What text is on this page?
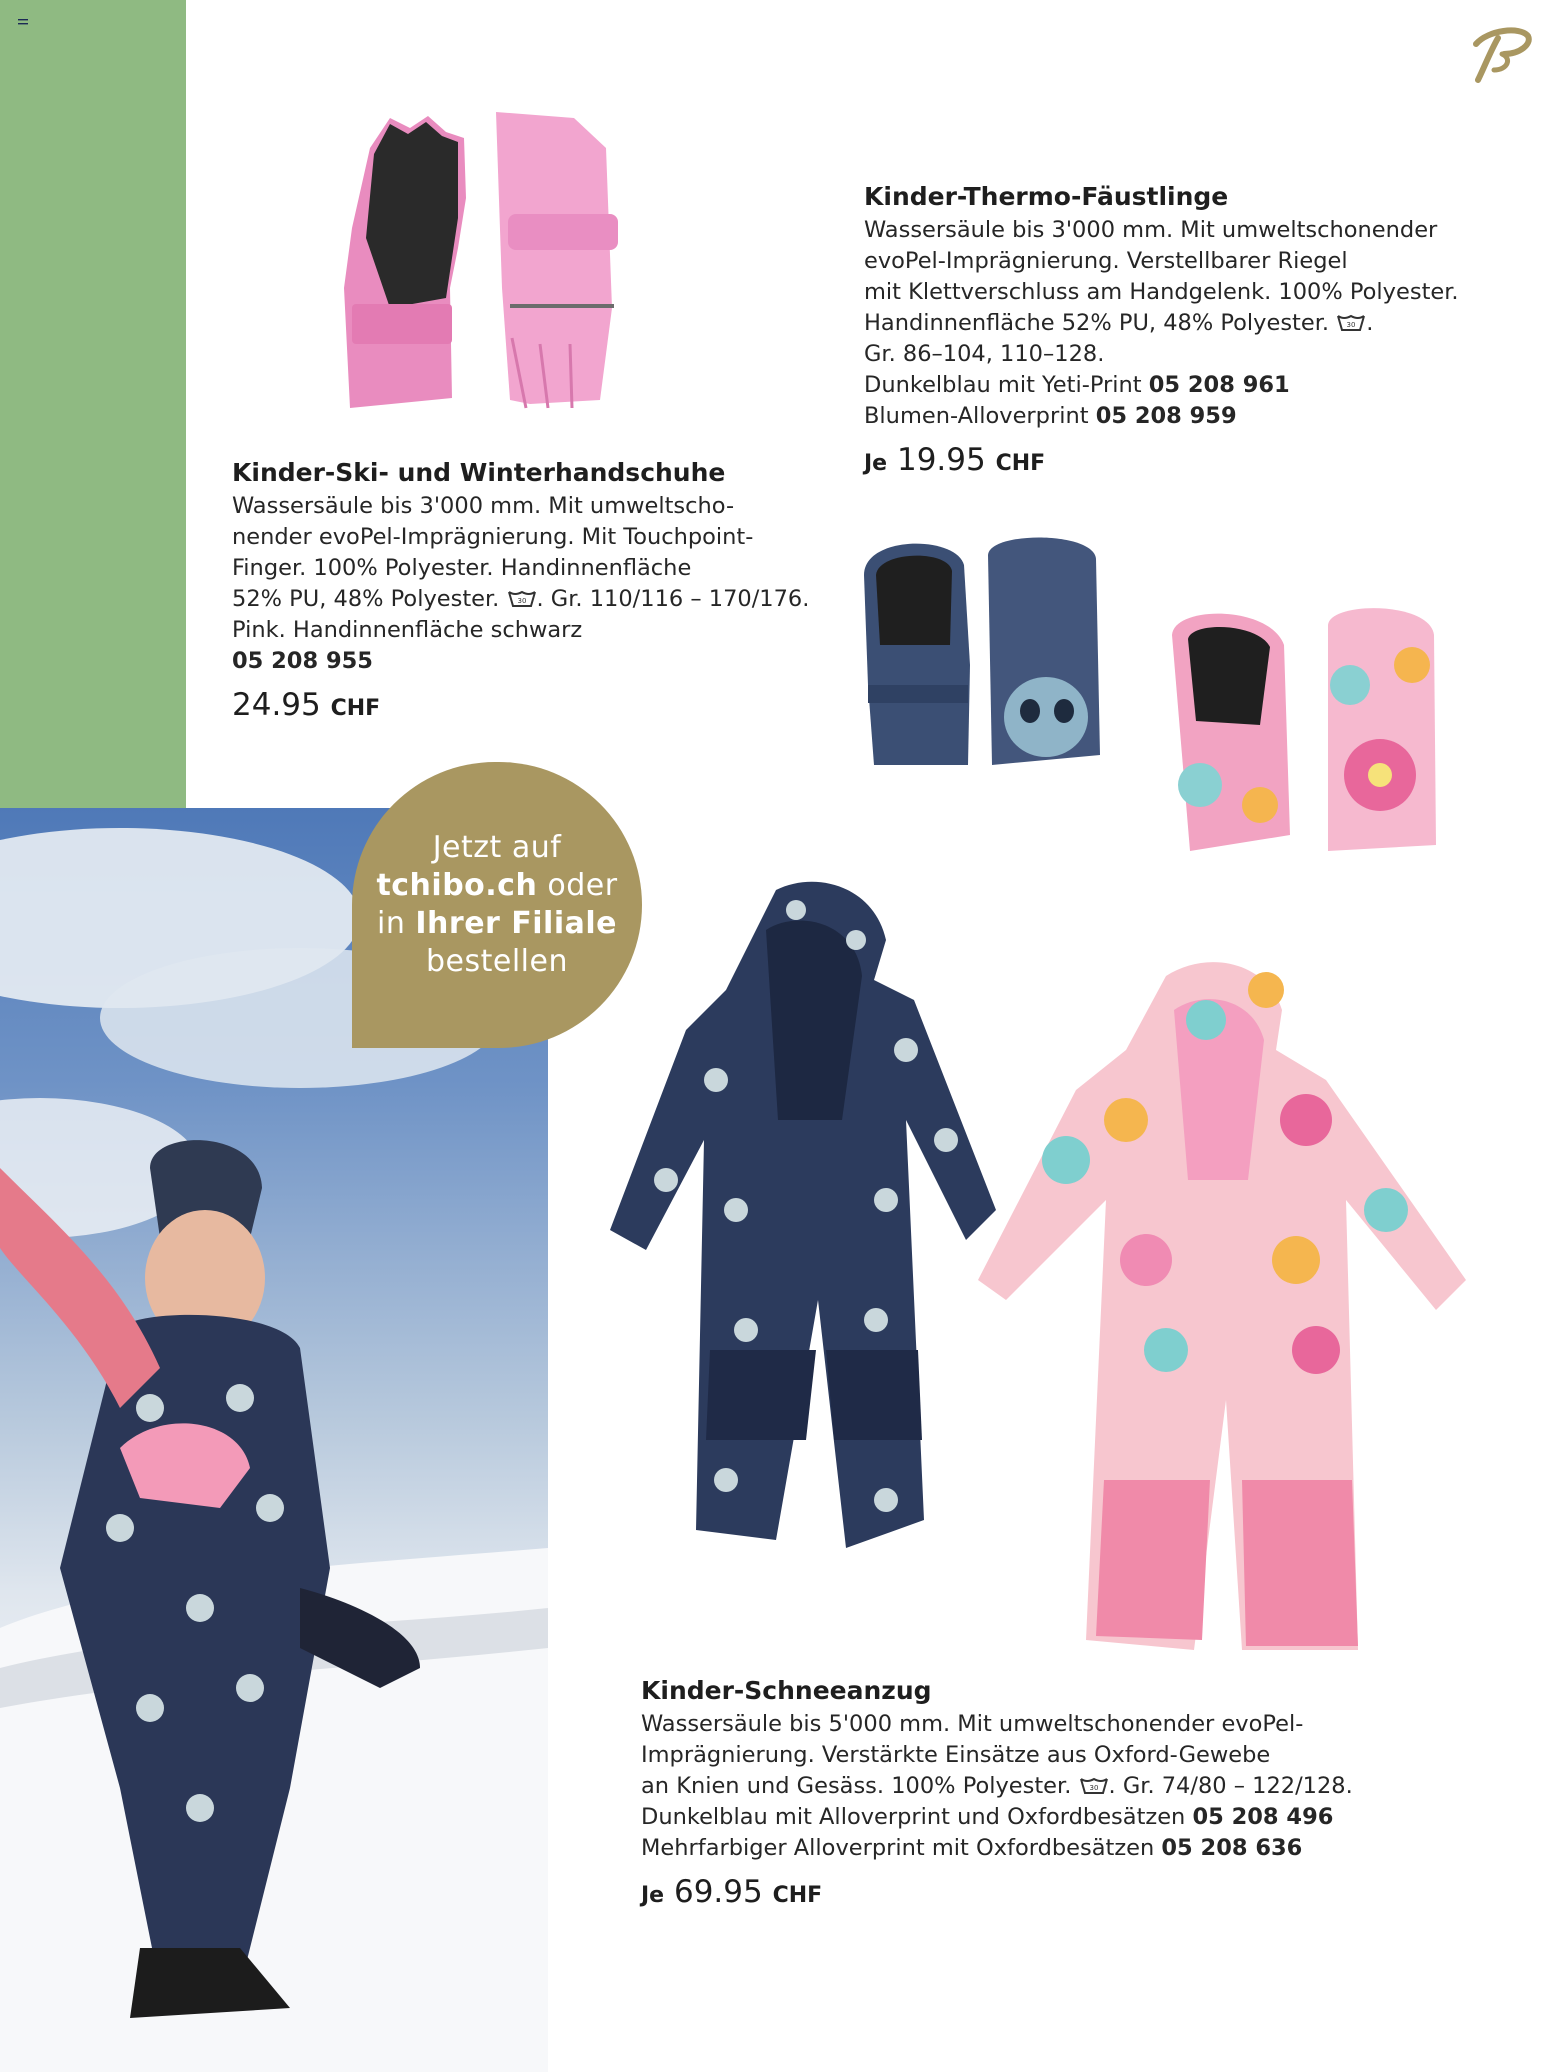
Jetzt auf
tchibo.ch oder
in Ihrer Filiale
bestellen
Kinder-Ski- und Winterhandschuhe
Wassersäule bis 3'000 mm. Mit umweltscho-
nender evoPel-Imprägnierung. Mit Touchpoint-
Finger. 100% Polyester. Handinnenfläche
52% PU, 48% Polyester.	30 . Gr. 110/116 – 170/176.
Pink. Handinnenfläche schwarz
05 208 955
24.95 CHF
Kinder-Thermo-Fäustlinge
Wassersäule bis 3'000 mm. Mit umweltschonender
evoPel-Imprägnierung. Verstellbarer Riegel
mit Klettverschluss am Handgelenk. 100% Polyester.
Handinnenfläche 52% PU, 48% Polyester.	30 .
Gr. 86–104, 110–128.
Dunkelblau mit Yeti-Print 05 208 961
Blumen-Alloverprint 05 208 959
Je 19.95 CHF
Kinder-Schneeanzug
Wassersäule bis 5'000 mm. Mit umweltschonender evoPel-
Imprägnierung. Verstärkte Einsätze aus Oxford-Gewebe
an Knien und Gesäss. 100% Polyester.	30 . Gr. 74/80 – 122/128.
Dunkelblau mit Alloverprint und Oxfordbesätzen 05 208 496
Mehrfarbiger Alloverprint mit Oxfordbesätzen 05 208 636
Je 69.95 CHF
